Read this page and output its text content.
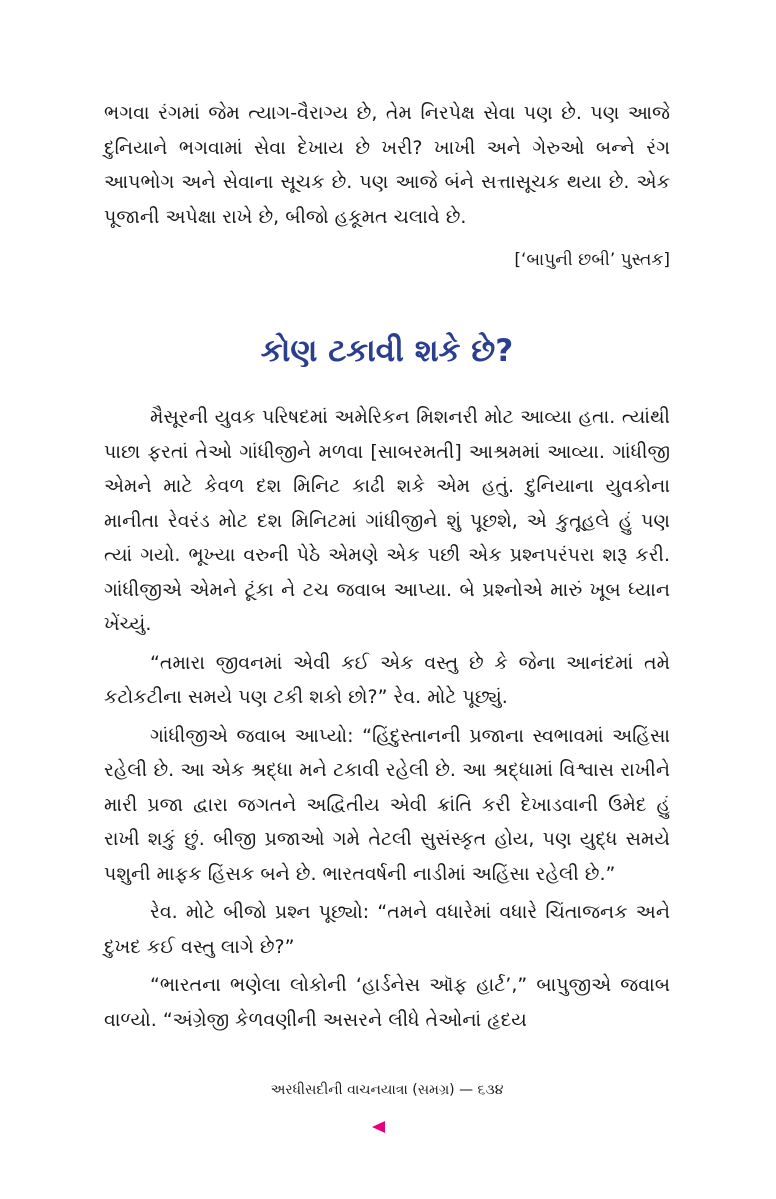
ભગવા રંગમાં જેમ ત્યાગ-વૈરાગ્ય છે, તેમ નિરપેક્ષ સેવા પણ છે. પણ આજે દુનિયાને ભગવામાં સેવા દેખાય છે ખરી? ખાખી અને ગેરુઓ બન્ને રંગ આપભોગ અને સેવાના સૂચક છે. પણ આજે બંને સત્તાસૂચક થયા છે. એક પૂજાની અપેક્ષા રાખે છે, બીજો હકૂમત ચલાવે છે.

[‘બાપુની છબી’ પુસ્તક]
કોણ ટકાવી શકે છે?

મૈસૂરની યુવક પરિષદમાં અમેરિકન મિશનરી મોટ આવ્યા હતા. ત્યાંથી પાછા ફરતાં તેઓ ગાંધીજીને મળવા [સાબરમતી] આશ્રમમાં આવ્યા. ગાંધીજી એમને માટે કેવળ દશ મિનિટ કાઢી શકે એમ હતું. દુનિયાના યુવકોના માનીતા રેવરંડ મોટ દશ મિનિટમાં ગાંધીજીને શું પૂછશે, એ કુતૂહલે હું પણ ત્યાં ગયો. ભૂખ્યા વરુની પેઠે એમણે એક પછી એક પ્રશ્નપરંપરા શરૂ કરી. ગાંધીજીએ એમને ટૂંકા ને ટચ જવાબ આપ્યા. બે પ્રશ્નોએ મારું ખૂબ ધ્યાન ખેંચ્યું.

“તમારા જીવનમાં એવી કઈ એક વસ્તુ છે કે જેના આનંદમાં તમે કટોકટીના સમયે પણ ટકી શકો છો?” રેવ. મોટે પૂછ્યું.

ગાંધીજીએ જવાબ આપ્યો: “હિંદુસ્તાનની પ્રજાના સ્વભાવમાં અહિંસા રહેલી છે. આ એક શ્રદ્ધા મને ટકાવી રહેલી છે. આ શ્રદ્ધામાં વિશ્વાસ રાખીને મારી પ્રજા દ્વારા જગતને અદ્વિતીય એવી ક્રાંતિ કરી દેખાડવાની ઉમેદ હું રાખી શકું છું. બીજી પ્રજાઓ ગમે તેટલી સુસંસ્કૃત હોય, પણ યુદ્ધ સમયે પશુની માફક હિંસક બને છે. ભારતવર્ષની નાડીમાં અહિંસા રહેલી છે.”

રેવ. મોટે બીજો પ્રશ્ન પૂછ્યો: “તમને વધારેમાં વધારે ચિંતાજનક અને દુખદ કઈ વસ્તુ લાગે છે?”

“ભારતના ભણેલા લોકોની ‘હાર્ડનેસ ઑફ હાર્ટ’,” બાપુજીએ જવાબ વાળ્યો. “અંગ્રેજી કેળવણીની અસરને લીધે તેઓનાં હૃદય

અરધીસદીની વાચનયાત્રા (સમગ્ર) — ૬૩૪
